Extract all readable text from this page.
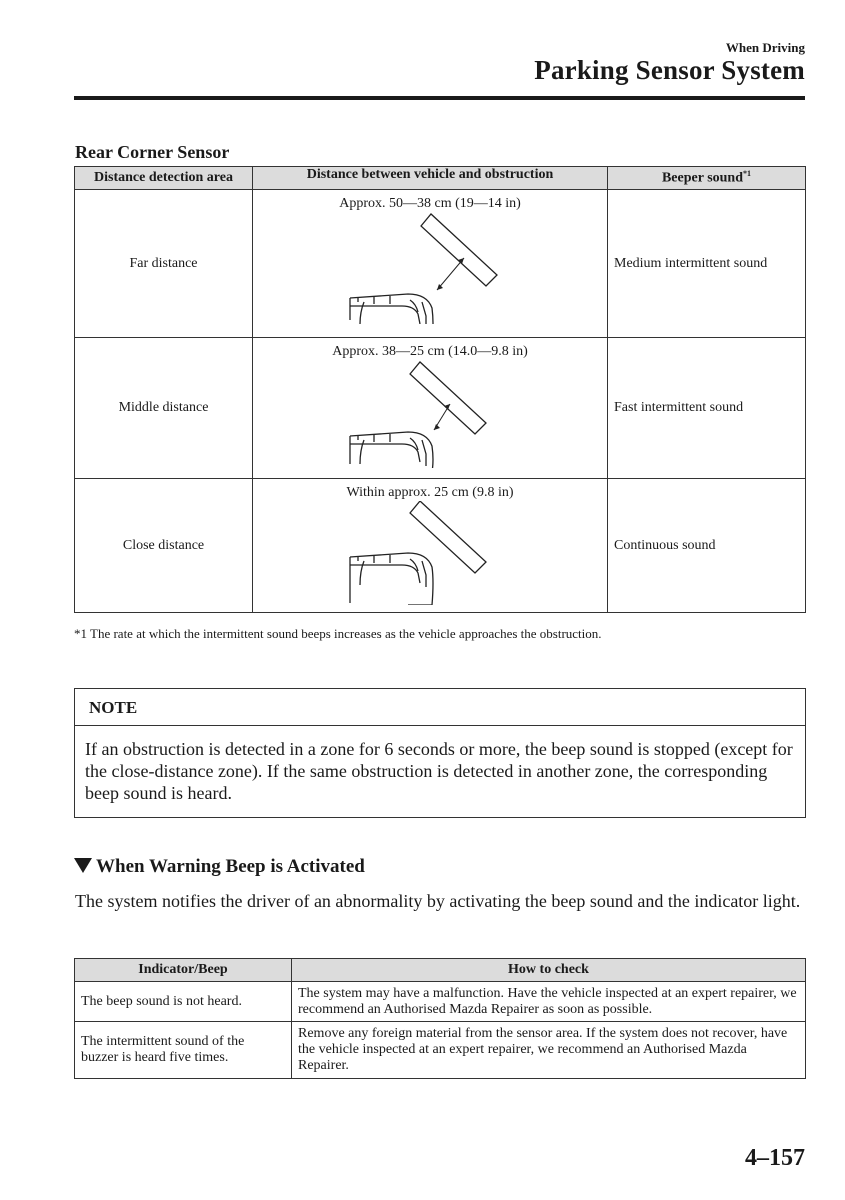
When Driving
Parking Sensor System
Rear Corner Sensor
Distance detection area	Distance between vehicle and obstruction	Beeper sound$^{*1}$
Far distance	Approx. 50—38 cm (19—14 in)	Medium intermittent sound
Middle distance	Approx. 38—25 cm (14.0—9.8 in)	Fast intermittent sound
Close distance	Within approx. 25 cm (9.8 in)	Continuous sound
*1 The rate at which the intermittent sound beeps increases as the vehicle approaches the obstruction.
NOTE
If an obstruction is detected in a zone for 6 seconds or more, the beep sound is stopped (except for the close-distance zone). If the same obstruction is detected in another zone, the corresponding beep sound is heard.
When Warning Beep is Activated
The system notifies the driver of an abnormality by activating the beep sound and the indicator light.
Indicator/Beep	How to check
The beep sound is not heard.	The system may have a malfunction. Have the vehicle inspected at an expert repairer, we recommend an Authorised Mazda Repairer as soon as possible.
The intermittent sound of the buzzer is heard five times.	Remove any foreign material from the sensor area. If the system does not recover, have the vehicle inspected at an expert repairer, we recommend an Authorised Mazda Repairer.
4–157
